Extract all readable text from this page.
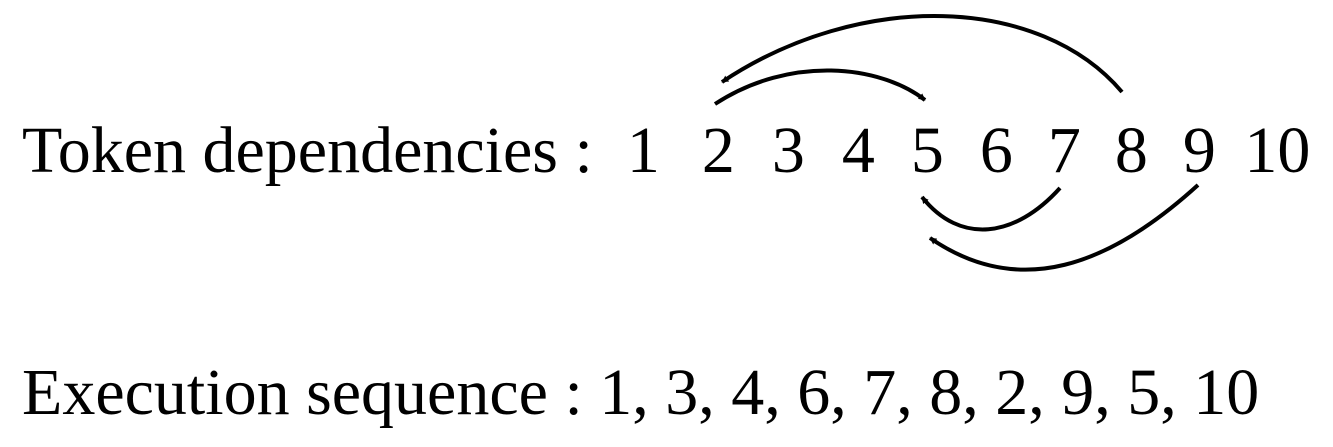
Token dependencies : 1 2 3 4 5 6 7 8 9 10
Execution sequence : 1, 3, 4, 6, 7, 8, 2, 9, 5, 10
